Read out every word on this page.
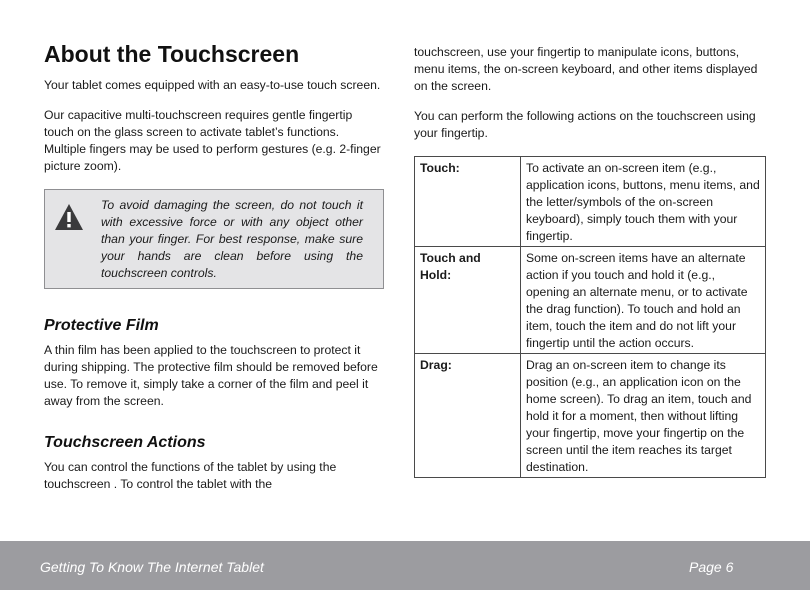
About the Touchscreen

Your tablet comes equipped with an easy-to-use touch screen.

Our capacitive multi-touchscreen requires gentle fingertip touch on the glass screen to activate tablet’s functions. Multiple fingers may be used to perform gestures (e.g. 2-finger picture zoom).

To avoid damaging the screen, do not touch it with excessive force or with any object other than your finger. For best response, make sure your hands are clean before using the touchscreen controls.
Protective Film

A thin film has been applied to the touchscreen to protect it during shipping. The protective film should be removed before use. To remove it, simply take a corner of the film and peel it away from the screen.

Touchscreen Actions

You can control the functions of the tablet by using the touchscreen . To control the tablet with the

touchscreen, use your fingertip to manipulate icons, buttons, menu items, the on-screen keyboard, and other items displayed on the screen.

You can perform the following actions on the touchscreen using your fingertip.

Touch:	To activate an on-screen item (e.g., application icons, buttons, menu items, and the letter/symbols of the on-screen keyboard), simply touch them with your fingertip.
Touch and Hold:	Some on-screen items have an alternate action if you touch and hold it (e.g., opening an alternate menu, or to activate the drag function). To touch and hold an item, touch the item and do not lift your fingertip until the action occurs.
Drag:	Drag an on-screen item to change its position (e.g., an application icon on the home screen). To drag an item, touch and hold it for a moment, then without lifting your fingertip, move your fingertip on the screen until the item reaches its target destination.
Getting To Know The Internet Tablet	Page 6
